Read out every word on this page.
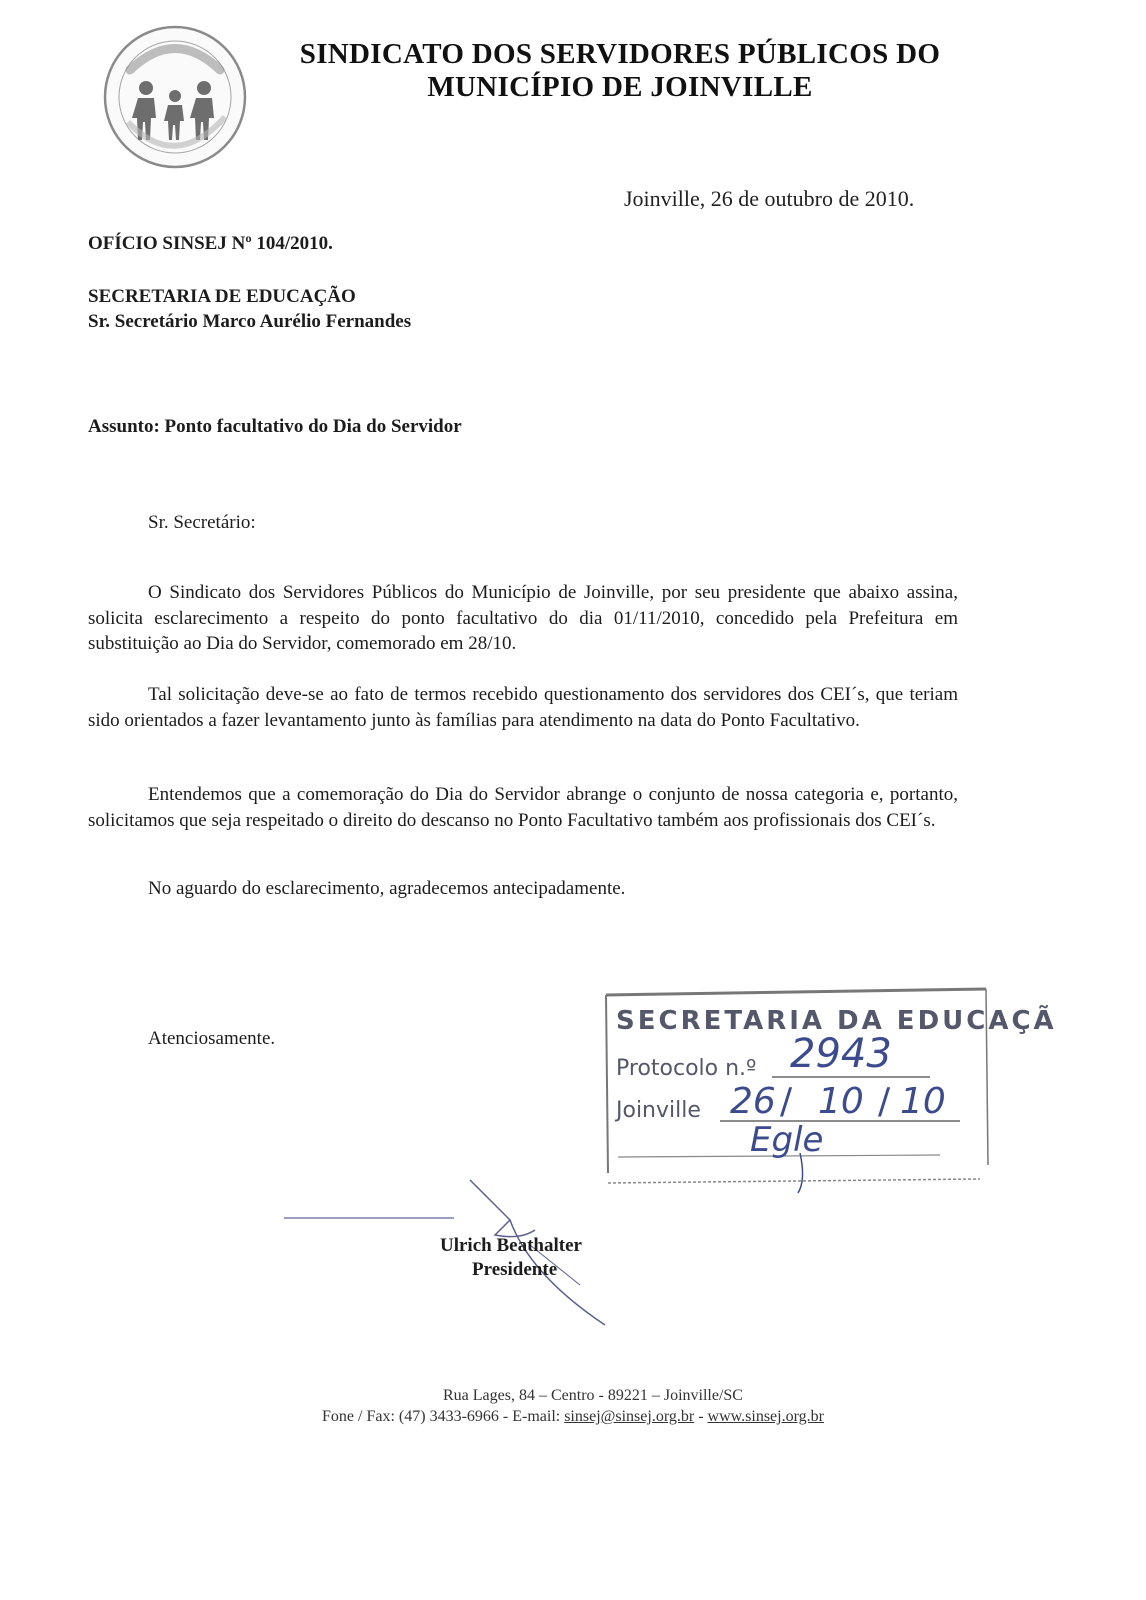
SINDICATO DOS SERVIDORES PÚBLICOS DO
MUNICÍPIO DE JOINVILLE
Joinville, 26 de outubro de 2010.
OFÍCIO SINSEJ Nº 104/2010.
SECRETARIA DE EDUCAÇÃO
Sr. Secretário Marco Aurélio Fernandes
Assunto: Ponto facultativo do Dia do Servidor
Sr. Secretário:
O Sindicato dos Servidores Públicos do Município de Joinville, por seu presidente que abaixo assina, solicita esclarecimento a respeito do ponto facultativo do dia 01/11/2010, concedido pela Prefeitura em substituição ao Dia do Servidor, comemorado em 28/10.
Tal solicitação deve-se ao fato de termos recebido questionamento dos servidores dos CEI´s, que teriam sido orientados a fazer levantamento junto às famílias para atendimento na data do Ponto Facultativo.
Entendemos que a comemoração do Dia do Servidor abrange o conjunto de nossa categoria e, portanto, solicitamos que seja respeitado o direito do descanso no Ponto Facultativo também aos profissionais dos CEI´s.
No aguardo do esclarecimento, agradecemos antecipadamente.
Atenciosamente.
SECRETARIA DA EDUCAÇÃ
Protocolo n.º 2943
Joinville 26 / 10 / 10
Egle
Ulrich Beathalter
Presidente
Rua Lages, 84 – Centro - 89221 – Joinville/SC
Fone / Fax: (47) 3433-6966 - E-mail: sinsej@sinsej.org.br - www.sinsej.org.br
